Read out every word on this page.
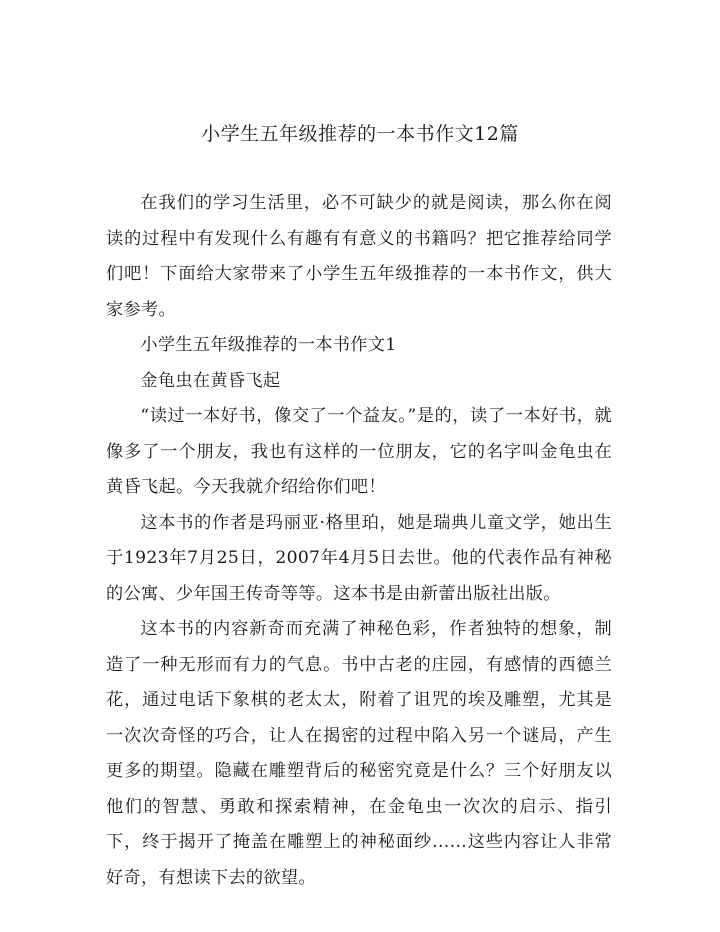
小学生五年级推荐的一本书作文12篇

在我们的学习生活里，必不可缺少的就是阅读，那么你在阅读的过程中有发现什么有趣有有意义的书籍吗？把它推荐给同学们吧！下面给大家带来了小学生五年级推荐的一本书作文，供大家参考。

小学生五年级推荐的一本书作文1

金龟虫在黄昏飞起

“读过一本好书，像交了一个益友。”是的，读了一本好书，就像多了一个朋友，我也有这样的一位朋友，它的名字叫金龟虫在黄昏飞起。今天我就介绍给你们吧！

这本书的作者是玛丽亚·格里珀，她是瑞典儿童文学，她出生于1923年7月25日，2007年4月5日去世。他的代表作品有神秘的公寓、少年国王传奇等等。这本书是由新蕾出版社出版。

这本书的内容新奇而充满了神秘色彩，作者独特的想象，制造了一种无形而有力的气息。书中古老的庄园，有感情的西德兰花，通过电话下象棋的老太太，附着了诅咒的埃及雕塑，尤其是一次次奇怪的巧合，让人在揭密的过程中陷入另一个谜局，产生更多的期望。隐藏在雕塑背后的秘密究竟是什么？三个好朋友以他们的智慧、勇敢和探索精神，在金龟虫一次次的启示、指引下，终于揭开了掩盖在雕塑上的神秘面纱……这些内容让人非常好奇，有想读下去的欲望。
